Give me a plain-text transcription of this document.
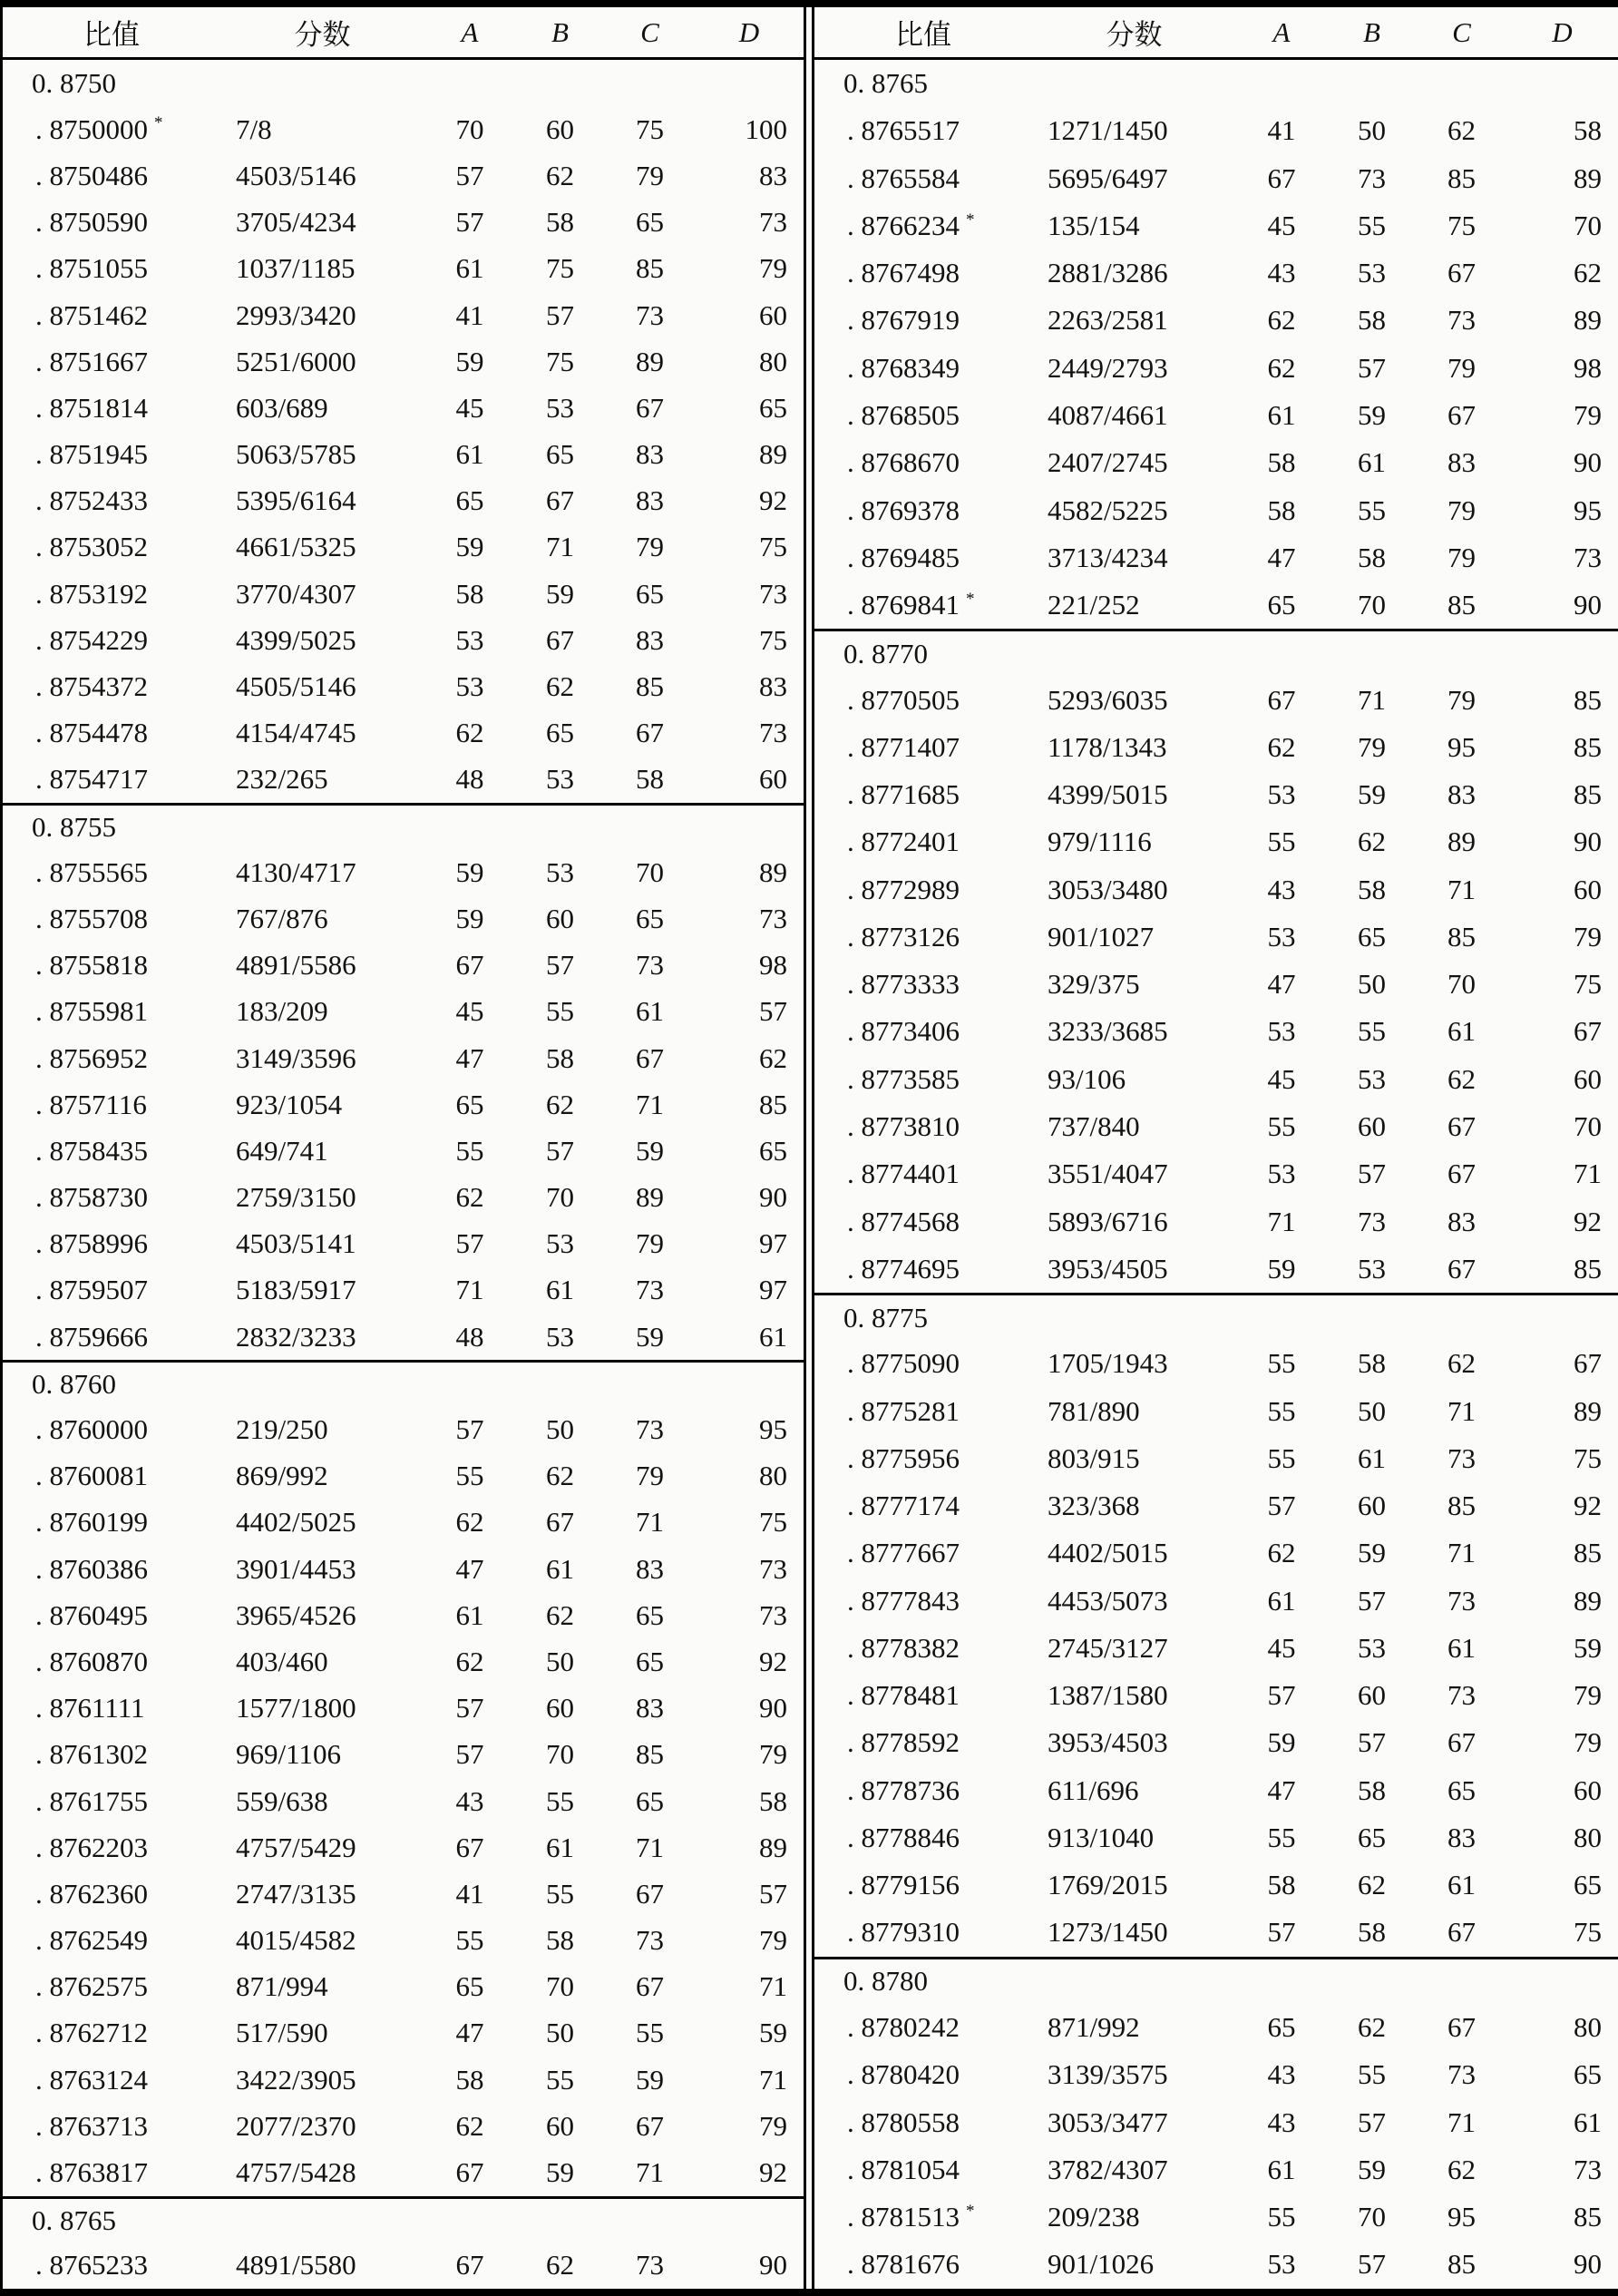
比值	分数	A	B	C	D
0. 8750
. 8750000 *	7/8	70	60	75	100
. 8750486	4503/5146	57	62	79	83
. 8750590	3705/4234	57	58	65	73
. 8751055	1037/1185	61	75	85	79
. 8751462	2993/3420	41	57	73	60
. 8751667	5251/6000	59	75	89	80
. 8751814	603/689	45	53	67	65
. 8751945	5063/5785	61	65	83	89
. 8752433	5395/6164	65	67	83	92
. 8753052	4661/5325	59	71	79	75
. 8753192	3770/4307	58	59	65	73
. 8754229	4399/5025	53	67	83	75
. 8754372	4505/5146	53	62	85	83
. 8754478	4154/4745	62	65	67	73
. 8754717	232/265	48	53	58	60
0. 8755
. 8755565	4130/4717	59	53	70	89
. 8755708	767/876	59	60	65	73
. 8755818	4891/5586	67	57	73	98
. 8755981	183/209	45	55	61	57
. 8756952	3149/3596	47	58	67	62
. 8757116	923/1054	65	62	71	85
. 8758435	649/741	55	57	59	65
. 8758730	2759/3150	62	70	89	90
. 8758996	4503/5141	57	53	79	97
. 8759507	5183/5917	71	61	73	97
. 8759666	2832/3233	48	53	59	61
0. 8760
. 8760000	219/250	57	50	73	95
. 8760081	869/992	55	62	79	80
. 8760199	4402/5025	62	67	71	75
. 8760386	3901/4453	47	61	83	73
. 8760495	3965/4526	61	62	65	73
. 8760870	403/460	62	50	65	92
. 8761111	1577/1800	57	60	83	90
. 8761302	969/1106	57	70	85	79
. 8761755	559/638	43	55	65	58
. 8762203	4757/5429	67	61	71	89
. 8762360	2747/3135	41	55	67	57
. 8762549	4015/4582	55	58	73	79
. 8762575	871/994	65	70	67	71
. 8762712	517/590	47	50	55	59
. 8763124	3422/3905	58	55	59	71
. 8763713	2077/2370	62	60	67	79
. 8763817	4757/5428	67	59	71	92
0. 8765
. 8765233	4891/5580	67	62	73	90
比值	分数	A	B	C	D
0. 8765
. 8765517	1271/1450	41	50	62	58
. 8765584	5695/6497	67	73	85	89
. 8766234 *	135/154	45	55	75	70
. 8767498	2881/3286	43	53	67	62
. 8767919	2263/2581	62	58	73	89
. 8768349	2449/2793	62	57	79	98
. 8768505	4087/4661	61	59	67	79
. 8768670	2407/2745	58	61	83	90
. 8769378	4582/5225	58	55	79	95
. 8769485	3713/4234	47	58	79	73
. 8769841 *	221/252	65	70	85	90
0. 8770
. 8770505	5293/6035	67	71	79	85
. 8771407	1178/1343	62	79	95	85
. 8771685	4399/5015	53	59	83	85
. 8772401	979/1116	55	62	89	90
. 8772989	3053/3480	43	58	71	60
. 8773126	901/1027	53	65	85	79
. 8773333	329/375	47	50	70	75
. 8773406	3233/3685	53	55	61	67
. 8773585	93/106	45	53	62	60
. 8773810	737/840	55	60	67	70
. 8774401	3551/4047	53	57	67	71
. 8774568	5893/6716	71	73	83	92
. 8774695	3953/4505	59	53	67	85
0. 8775
. 8775090	1705/1943	55	58	62	67
. 8775281	781/890	55	50	71	89
. 8775956	803/915	55	61	73	75
. 8777174	323/368	57	60	85	92
. 8777667	4402/5015	62	59	71	85
. 8777843	4453/5073	61	57	73	89
. 8778382	2745/3127	45	53	61	59
. 8778481	1387/1580	57	60	73	79
. 8778592	3953/4503	59	57	67	79
. 8778736	611/696	47	58	65	60
. 8778846	913/1040	55	65	83	80
. 8779156	1769/2015	58	62	61	65
. 8779310	1273/1450	57	58	67	75
0. 8780
. 8780242	871/992	65	62	67	80
. 8780420	3139/3575	43	55	73	65
. 8780558	3053/3477	43	57	71	61
. 8781054	3782/4307	61	59	62	73
. 8781513 *	209/238	55	70	95	85
. 8781676	901/1026	53	57	85	90
